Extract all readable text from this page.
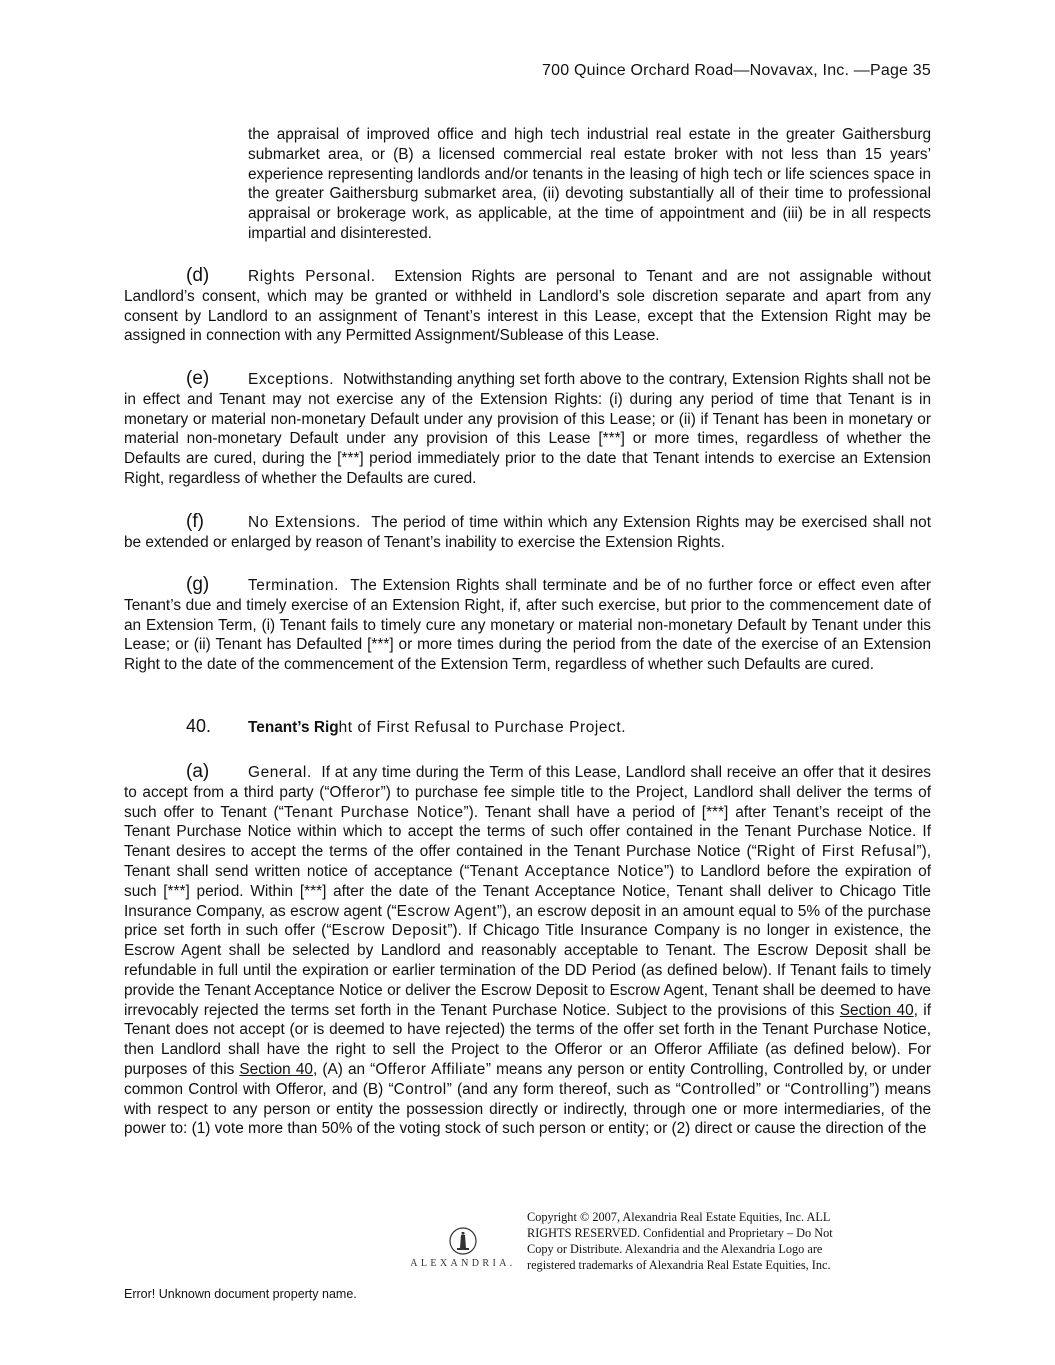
700 Quince Orchard Road—Novavax, Inc. —Page 35
the appraisal of improved office and high tech industrial real estate in the greater Gaithersburg submarket area, or (B) a licensed commercial real estate broker with not less than 15 years’ experience representing landlords and/or tenants in the leasing of high tech or life sciences space in the greater Gaithersburg submarket area, (ii) devoting substantially all of their time to professional appraisal or brokerage work, as applicable, at the time of appointment and (iii) be in all respects impartial and disinterested.
(d)	Rights Personal. Extension Rights are personal to Tenant and are not assignable without Landlord’s consent, which may be granted or withheld in Landlord’s sole discretion separate and apart from any consent by Landlord to an assignment of Tenant’s interest in this Lease, except that the Extension Right may be assigned in connection with any Permitted Assignment/Sublease of this Lease.
(e)	Exceptions. Notwithstanding anything set forth above to the contrary, Extension Rights shall not be in effect and Tenant may not exercise any of the Extension Rights: (i) during any period of time that Tenant is in monetary or material non-monetary Default under any provision of this Lease; or (ii) if Tenant has been in monetary or material non-monetary Default under any provision of this Lease [***] or more times, regardless of whether the Defaults are cured, during the [***] period immediately prior to the date that Tenant intends to exercise an Extension Right, regardless of whether the Defaults are cured.
(f)	No Extensions. The period of time within which any Extension Rights may be exercised shall not be extended or enlarged by reason of Tenant’s inability to exercise the Extension Rights.
(g)	Termination. The Extension Rights shall terminate and be of no further force or effect even after Tenant’s due and timely exercise of an Extension Right, if, after such exercise, but prior to the commencement date of an Extension Term, (i) Tenant fails to timely cure any monetary or material non-monetary Default by Tenant under this Lease; or (ii) Tenant has Defaulted [***] or more times during the period from the date of the exercise of an Extension Right to the date of the commencement of the Extension Term, regardless of whether such Defaults are cured.
40. Tenant’s Right of First Refusal to Purchase Project.
(a)	General. If at any time during the Term of this Lease, Landlord shall receive an offer that it desires to accept from a third party (“Offeror”) to purchase fee simple title to the Project, Landlord shall deliver the terms of such offer to Tenant (“Tenant Purchase Notice”). Tenant shall have a period of [***] after Tenant’s receipt of the Tenant Purchase Notice within which to accept the terms of such offer contained in the Tenant Purchase Notice. If Tenant desires to accept the terms of the offer contained in the Tenant Purchase Notice (“Right of First Refusal”), Tenant shall send written notice of acceptance (“Tenant Acceptance Notice”) to Landlord before the expiration of such [***] period. Within [***] after the date of the Tenant Acceptance Notice, Tenant shall deliver to Chicago Title Insurance Company, as escrow agent (“Escrow Agent”), an escrow deposit in an amount equal to 5% of the purchase price set forth in such offer (“Escrow Deposit”). If Chicago Title Insurance Company is no longer in existence, the Escrow Agent shall be selected by Landlord and reasonably acceptable to Tenant. The Escrow Deposit shall be refundable in full until the expiration or earlier termination of the DD Period (as defined below). If Tenant fails to timely provide the Tenant Acceptance Notice or deliver the Escrow Deposit to Escrow Agent, Tenant shall be deemed to have irrevocably rejected the terms set forth in the Tenant Purchase Notice. Subject to the provisions of this Section 40, if Tenant does not accept (or is deemed to have rejected) the terms of the offer set forth in the Tenant Purchase Notice, then Landlord shall have the right to sell the Project to the Offeror or an Offeror Affiliate (as defined below). For purposes of this Section 40, (A) an “Offeror Affiliate” means any person or entity Controlling, Controlled by, or under common Control with Offeror, and (B) “Control” (and any form thereof, such as “Controlled” or “Controlling”) means with respect to any person or entity the possession directly or indirectly, through one or more intermediaries, of the power to: (1) vote more than 50% of the voting stock of such person or entity; or (2) direct or cause the direction of the
ALEXANDRIA.
Copyright © 2007, Alexandria Real Estate Equities, Inc. ALL
RIGHTS RESERVED. Confidential and Proprietary – Do Not
Copy or Distribute. Alexandria and the Alexandria Logo are
registered trademarks of Alexandria Real Estate Equities, Inc.
Error! Unknown document property name.
